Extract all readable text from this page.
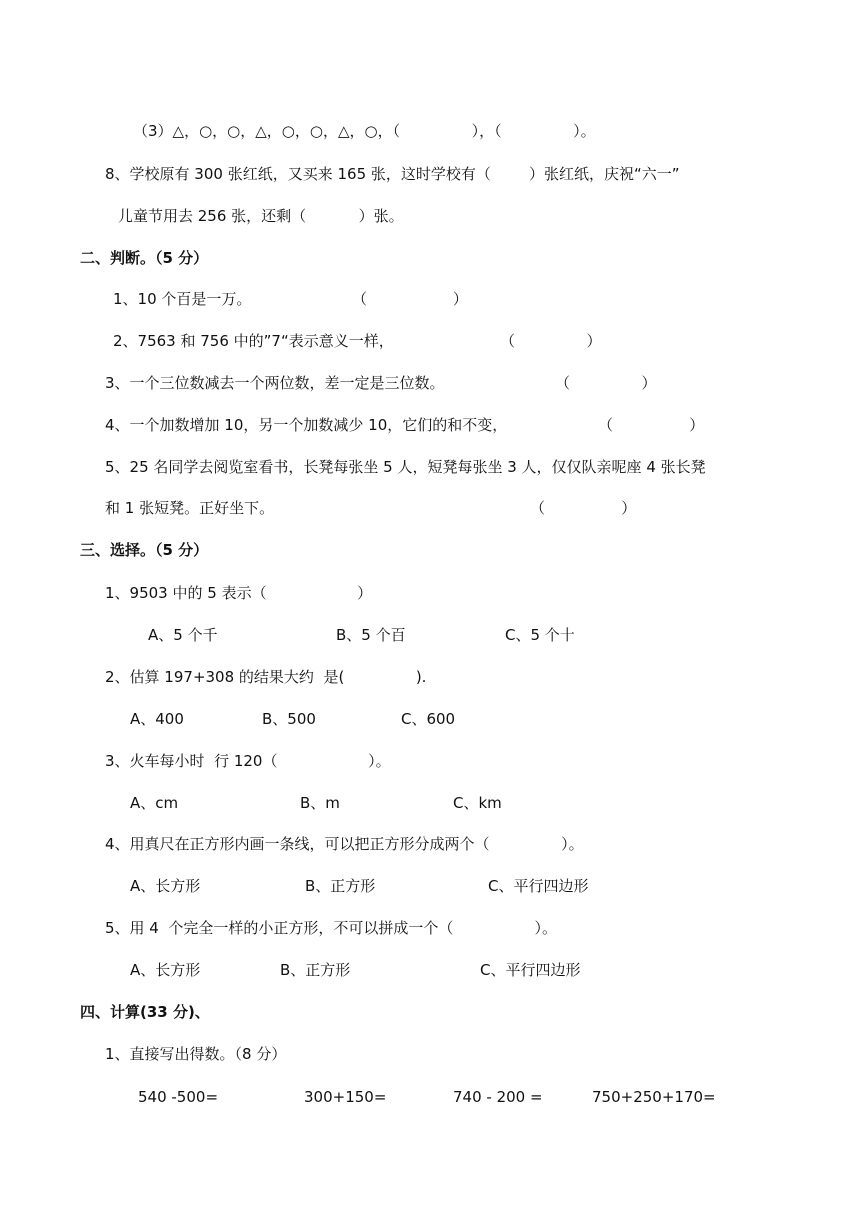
（3）△，○，○，△，○，○，△，○，（               ），（               ）。
8、学校原有 300 张红纸，又买来 165 张，这时学校有（        ）张红纸，庆祝“六一”
儿童节用去 256 张，还剩（           ）张。
二、判断。（5 分）
1、10 个百是一万。	（                  ）
2、7563 和 756 中的”7“表示意义一样，	（               ）
3、一个三位数减去一个两位数，差一定是三位数。	（               ）
4、一个加数增加 10，另一个加数减少 10，它们的和不变，	（                ）
5、25 名同学去阅览室看书，长凳每张坐 5 人，短凳每张坐 3 人，仅仅队亲呢座 4 张长凳
和 1 张短凳。正好坐下。	（                ）
三、选择。（5 分）
1、9503 中的 5 表示（                   ）
A、5 个千	B、5 个百	C、5 个十
2、估算 197+308 的结果大约  是(               ).
A、400	B、500	C、600
3、火车每小时  行 120（                   ）。
A、cm	B、m	C、km
4、用真尺在正方形内画一条线，可以把正方形分成两个（               ）。
A、长方形	B、正方形	C、平行四边形
5、用 4  个完全一样的小正方形，不可以拼成一个（                 ）。
A、长方形	B、正方形	C、平行四边形
四、计算(33 分)、
1、直接写出得数。（8 分）
540 -500=	300+150=	740 - 200 =	750+250+170=
